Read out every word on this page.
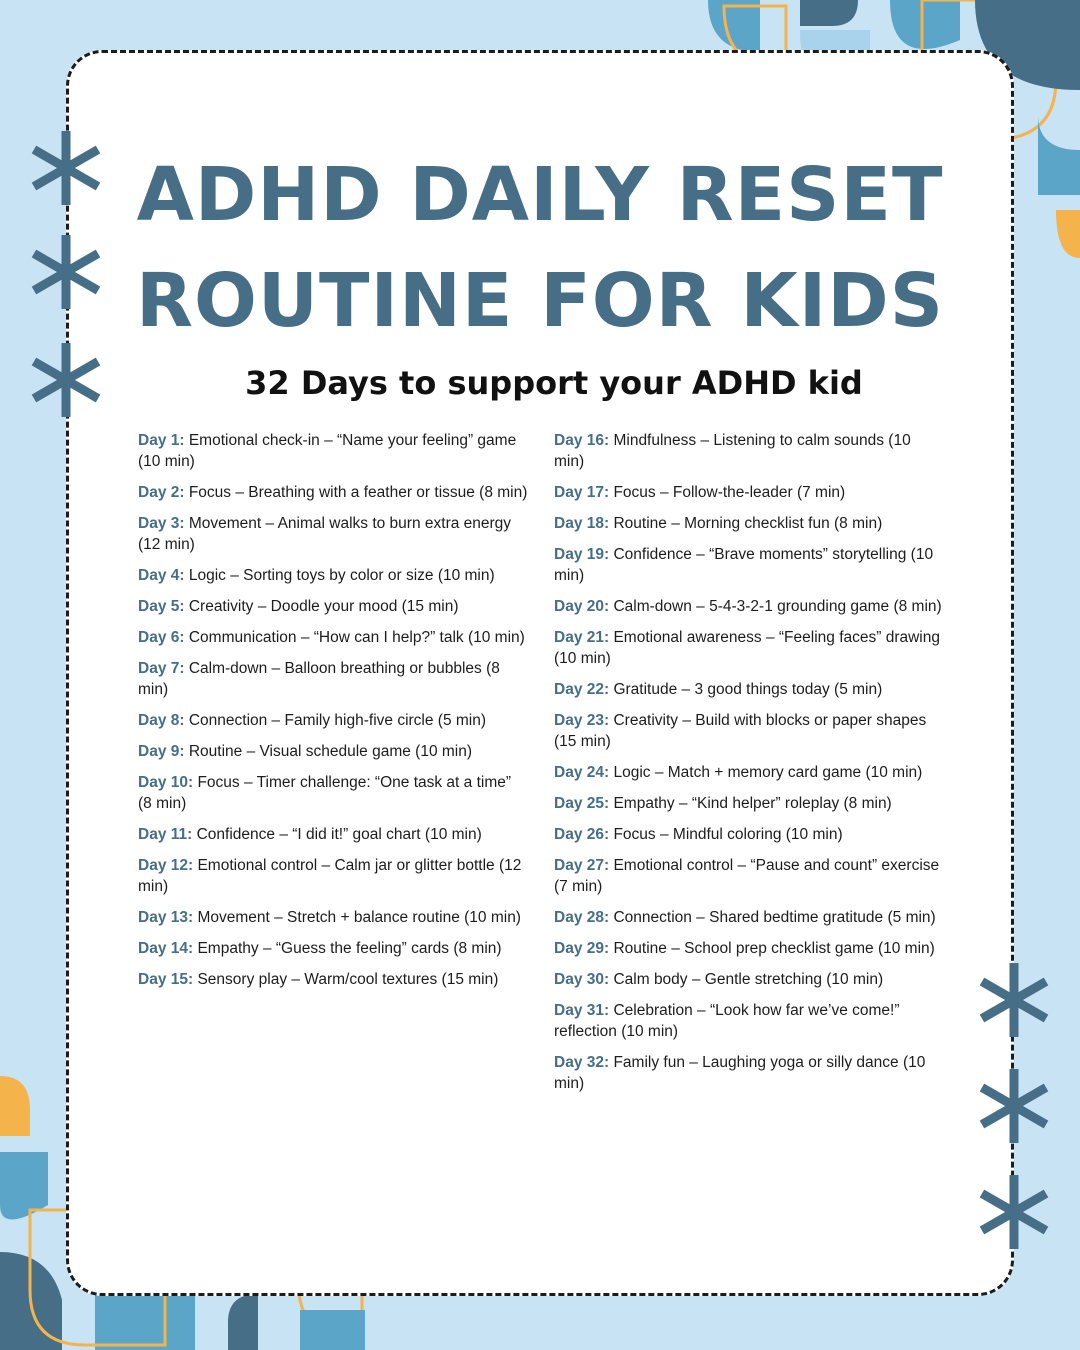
ADHD DAILY RESET
ROUTINE FOR KIDS
32 Days to support your ADHD kid

Day 1: Emotional check-in – “Name your feeling” game (10 min)

Day 2: Focus – Breathing with a feather or tissue (8 min)

Day 3: Movement – Animal walks to burn extra energy (12 min)

Day 4: Logic – Sorting toys by color or size (10 min)

Day 5: Creativity – Doodle your mood (15 min)

Day 6: Communication – “How can I help?” talk (10 min)

Day 7: Calm-down – Balloon breathing or bubbles (8 min)

Day 8: Connection – Family high-five circle (5 min)

Day 9: Routine – Visual schedule game (10 min)

Day 10: Focus – Timer challenge: “One task at a time” (8 min)

Day 11: Confidence – “I did it!” goal chart (10 min)

Day 12: Emotional control – Calm jar or glitter bottle (12 min)

Day 13: Movement – Stretch + balance routine (10 min)

Day 14: Empathy – “Guess the feeling” cards (8 min)

Day 15: Sensory play – Warm/cool textures (15 min)

Day 16: Mindfulness – Listening to calm sounds (10 min)

Day 17: Focus – Follow-the-leader (7 min)

Day 18: Routine – Morning checklist fun (8 min)

Day 19: Confidence – “Brave moments” storytelling (10 min)

Day 20: Calm-down – 5-4-3-2-1 grounding game (8 min)

Day 21: Emotional awareness – “Feeling faces” drawing (10 min)

Day 22: Gratitude – 3 good things today (5 min)

Day 23: Creativity – Build with blocks or paper shapes (15 min)

Day 24: Logic – Match + memory card game (10 min)

Day 25: Empathy – “Kind helper” roleplay (8 min)

Day 26: Focus – Mindful coloring (10 min)

Day 27: Emotional control – “Pause and count” exercise (7 min)

Day 28: Connection – Shared bedtime gratitude (5 min)

Day 29: Routine – School prep checklist game (10 min)

Day 30: Calm body – Gentle stretching (10 min)

Day 31: Celebration – “Look how far we’ve come!” reflection (10 min)

Day 32: Family fun – Laughing yoga or silly dance (10 min)
